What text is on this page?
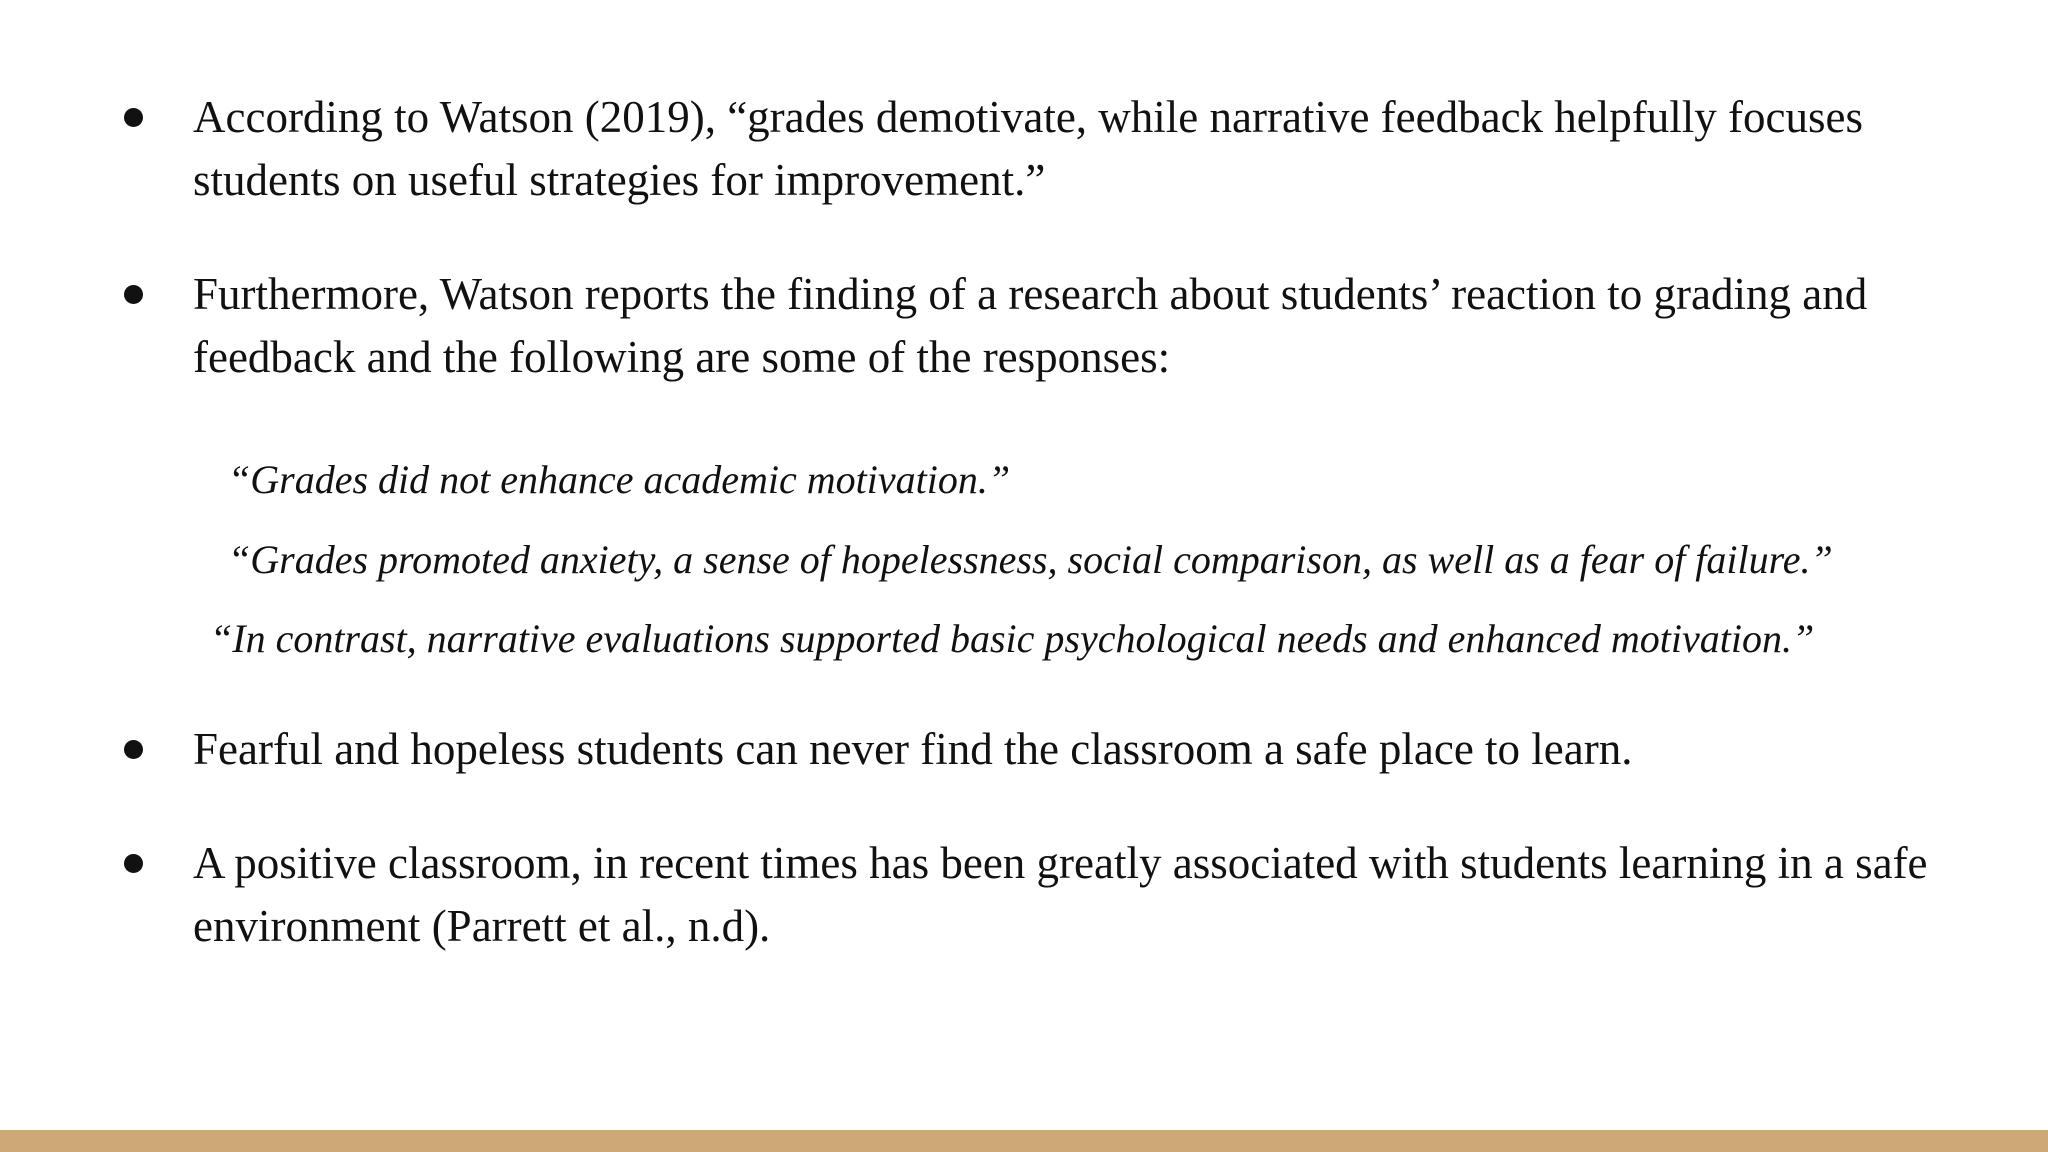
According to Watson (2019), “grades demotivate, while narrative feedback helpfully focuses
students on useful strategies for improvement.”
Furthermore, Watson reports the finding of a research about students’ reaction to grading and
feedback and the following are some of the responses:
“Grades did not enhance academic motivation.”
“Grades promoted anxiety, a sense of hopelessness, social comparison, as well as a fear of failure.”
“In contrast, narrative evaluations supported basic psychological needs and enhanced motivation.”
Fearful and hopeless students can never find the classroom a safe place to learn.
A positive classroom, in recent times has been greatly associated with students learning in a safe
environment (Parrett et al., n.d).
